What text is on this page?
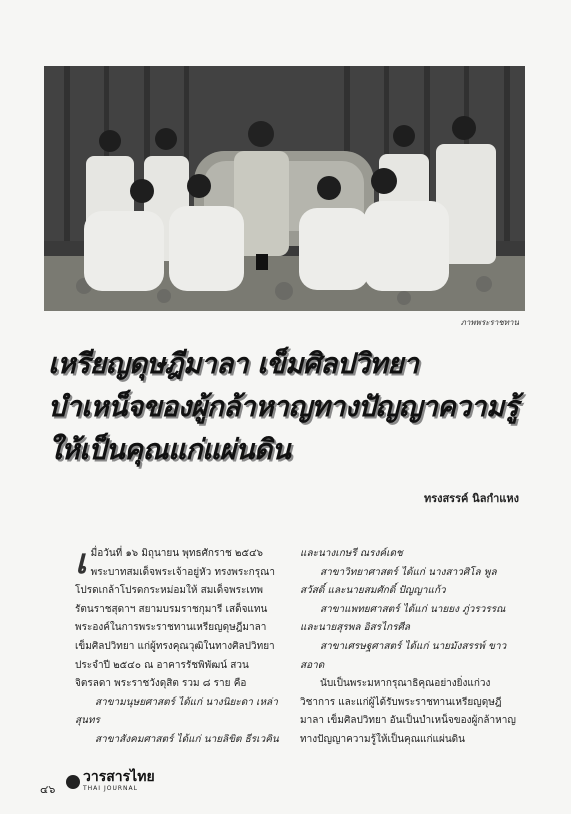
ภาพพระราชทาน
เหรียญดุษฎีมาลา เข็มศิลปวิทยา
บำเหน็จของผู้กล้าหาญทางปัญญาความรู้
ให้เป็นคุณแก่แผ่นดิน
ทรงสรรค์ นิลกำแหง

เมื่อวันที่ ๑๖ มิถุนายน พุทธศักราช ๒๕๔๖ พระบาทสมเด็จพระเจ้าอยู่หัว ทรงพระกรุณาโปรดเกล้าโปรดกระหม่อมให้ สมเด็จพระเทพรัตนราชสุดาฯ สยามบรมราชกุมารี เสด็จแทนพระองค์ในการพระราชทานเหรียญดุษฎีมาลา เข็มศิลปวิทยา แก่ผู้ทรงคุณวุฒิในทางศิลปวิทยา ประจำปี ๒๕๔๐ ณ อาคารรัชพิพัฒน์ สวนจิตรลดา พระราชวังดุสิต รวม ๘ ราย คือ

สาขามนุษยศาสตร์ ได้แก่ นางนิยะดา เหล่าสุนทร

สาขาสังคมศาสตร์ ได้แก่ นายลิขิต ธีรเวคิน

และนางเกษรี ณรงค์เดช

สาขาวิทยาศาสตร์ ได้แก่ นางสาวศิโล พูลสวัสดิ์ และนายสมศักดิ์ ปัญญาแก้ว

สาขาแพทยศาสตร์ ได้แก่ นายยง ภู่วรวรรณ และนายสุรพล อิสรไกรศีล

สาขาเศรษฐศาสตร์ ได้แก่ นายมังสรรพ์ ขาวสอาด

นับเป็นพระมหากรุณาธิคุณอย่างยิ่งแก่วงวิชาการ และแก่ผู้ได้รับพระราชทานเหรียญดุษฎีมาลา เข็มศิลปวิทยา อันเป็นบำเหน็จของผู้กล้าหาญทางปัญญาความรู้ให้เป็นคุณแก่แผ่นดิน

๔๖
วารสารไทย
THAI JOURNAL
